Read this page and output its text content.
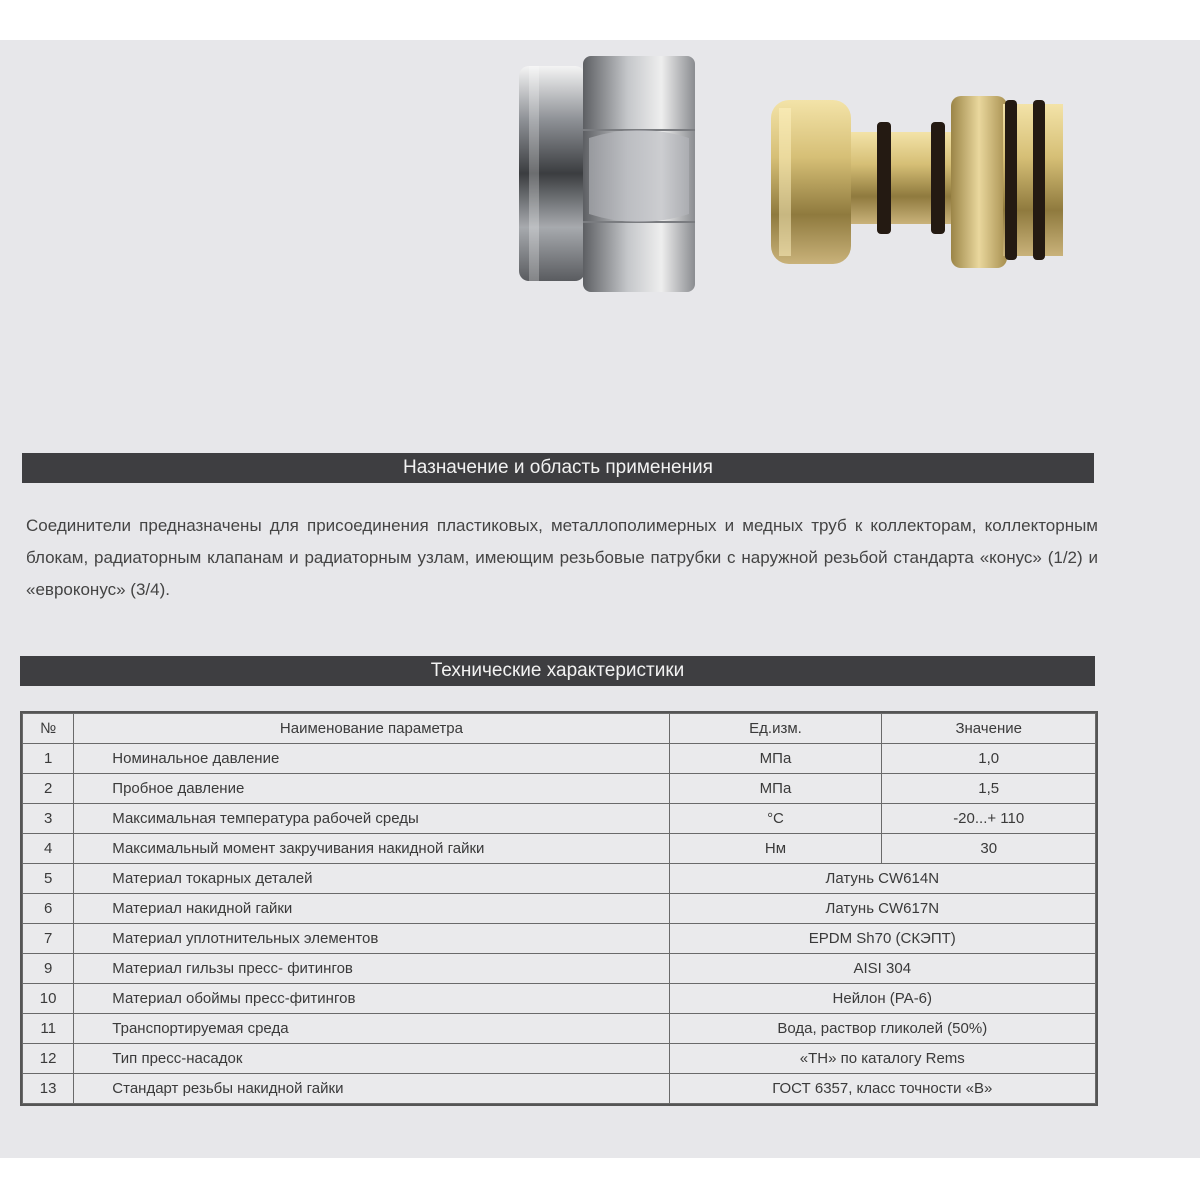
Назначение и область применения
Соединители предназначены для присоединения пластиковых, металлополимерных и медных труб к коллекторам, коллекторным блокам, радиаторным клапанам и радиаторным узлам, имеющим резьбовые патрубки с наружной резьбой стандарта «конус» (1/2) и «евроконус» (3/4).
Технические характеристики
№	Наименование параметра	Ед.изм.	Значение
1	Номинальное давление	МПа	1,0
2	Пробное давление	МПа	1,5
3	Максимальная температура рабочей среды	°С	-20...+ 110
4	Максимальный момент закручивания накидной гайки	Нм	30
5	Материал токарных деталей	Латунь CW614N	
6	Материал накидной гайки	Латунь CW617N	
7	Материал уплотнительных элементов	EPDM Sh70 (СКЭПТ)	
9	Материал гильзы пресс- фитингов	AISI 304	
10	Материал обоймы пресс-фитингов	Нейлон (PA-6)	
11	Транспортируемая среда	Вода, раствор гликолей (50%)	
12	Тип пресс-насадок	«TH» по каталогу Rems	
13	Стандарт резьбы накидной гайки	ГОСТ 6357, класс точности «В»	
